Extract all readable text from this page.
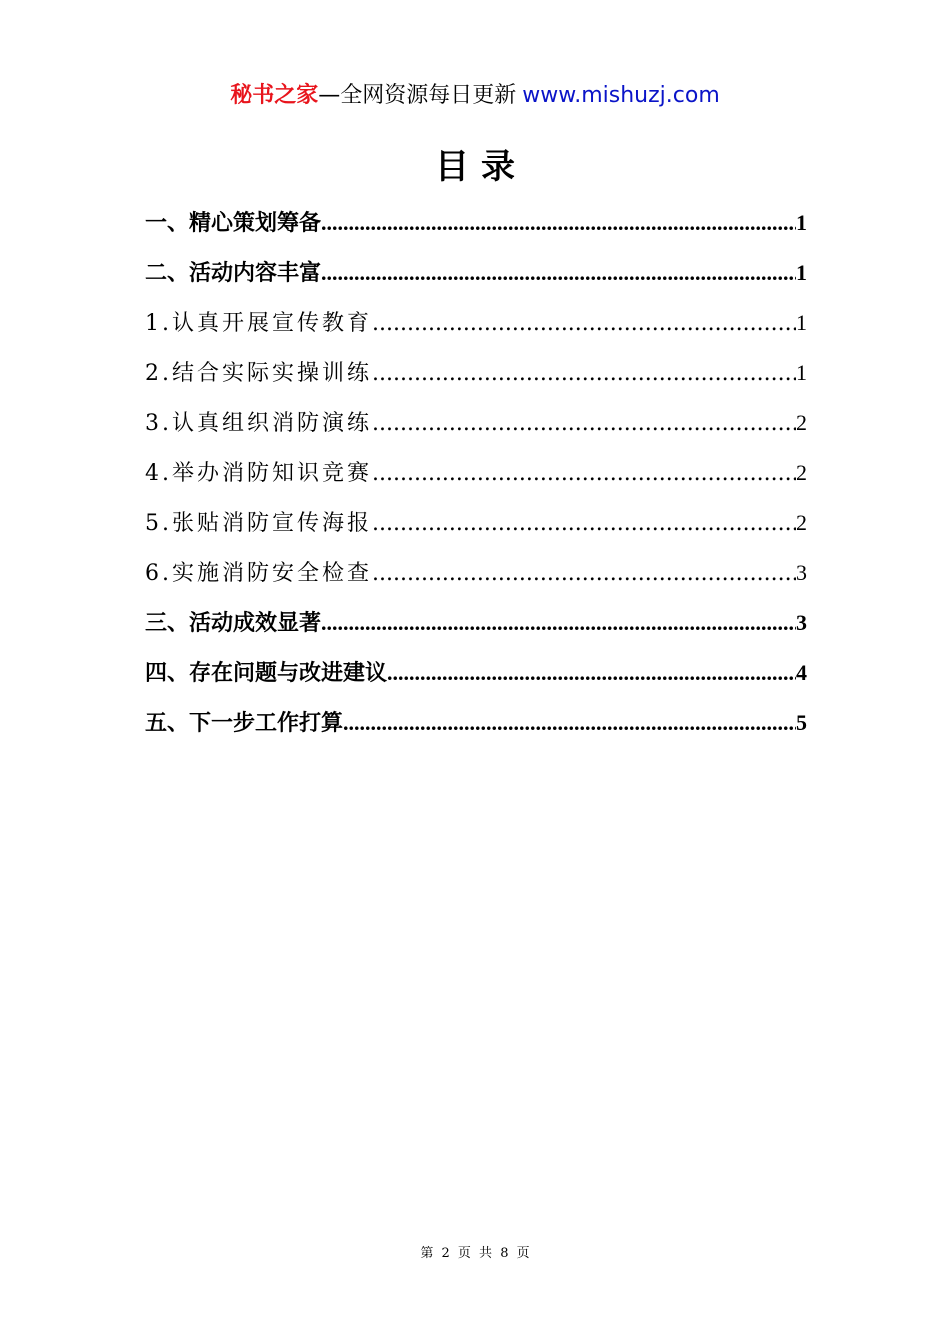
秘书之家—全网资源每日更新 www.mishuzj.com
目录
一、精心策划筹备 .....	1
二、活动内容丰富 .....	1
1.认真开展宣传教育 .....	1
2.结合实际实操训练 .....	1
3.认真组织消防演练 .....	2
4.举办消防知识竞赛 .....	2
5.张贴消防宣传海报 .....	2
6.实施消防安全检查 .....	3
三、活动成效显著 .....	3
四、存在问题与改进建议 .....	4
五、下一步工作打算 .....	5
第 2 页 共 8 页
